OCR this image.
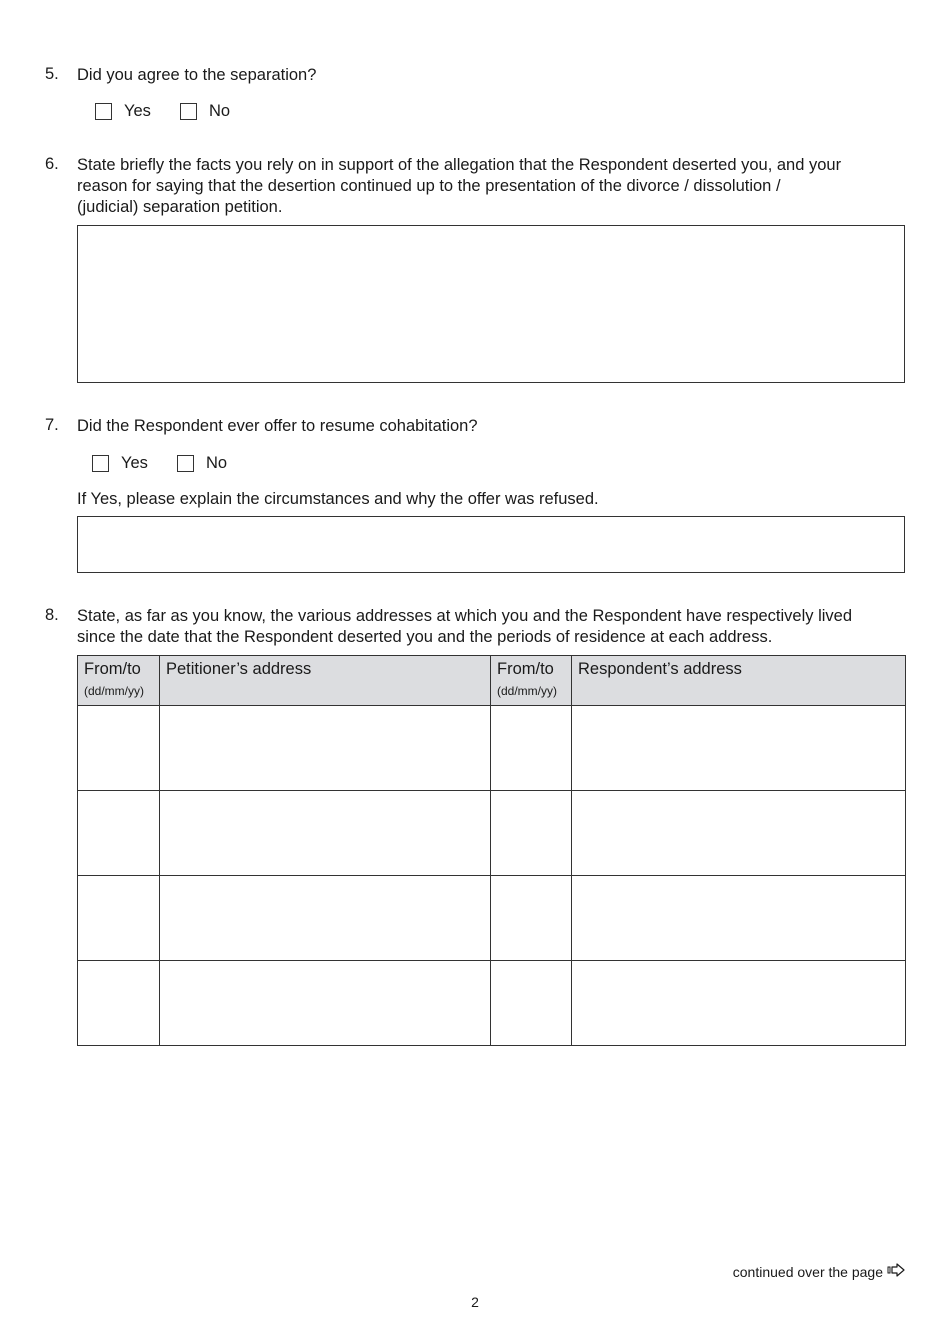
5. Did you agree to the separation?
Yes	No
6. State briefly the facts you rely on in support of the allegation that the Respondent deserted you, and your
reason for saying that the desertion continued up to the presentation of the divorce / dissolution /
(judicial) separation petition.
7. Did the Respondent ever offer to resume cohabitation?
Yes	No
If Yes, please explain the circumstances and why the offer was refused.
8. State, as far as you know, the various addresses at which you and the Respondent have respectively lived
since the date that the Respondent deserted you and the periods of residence at each address.
From/to
(dd/mm/yy)	Petitioner’s address	From/to
(dd/mm/yy)	Respondent’s address

continued over the page
2
